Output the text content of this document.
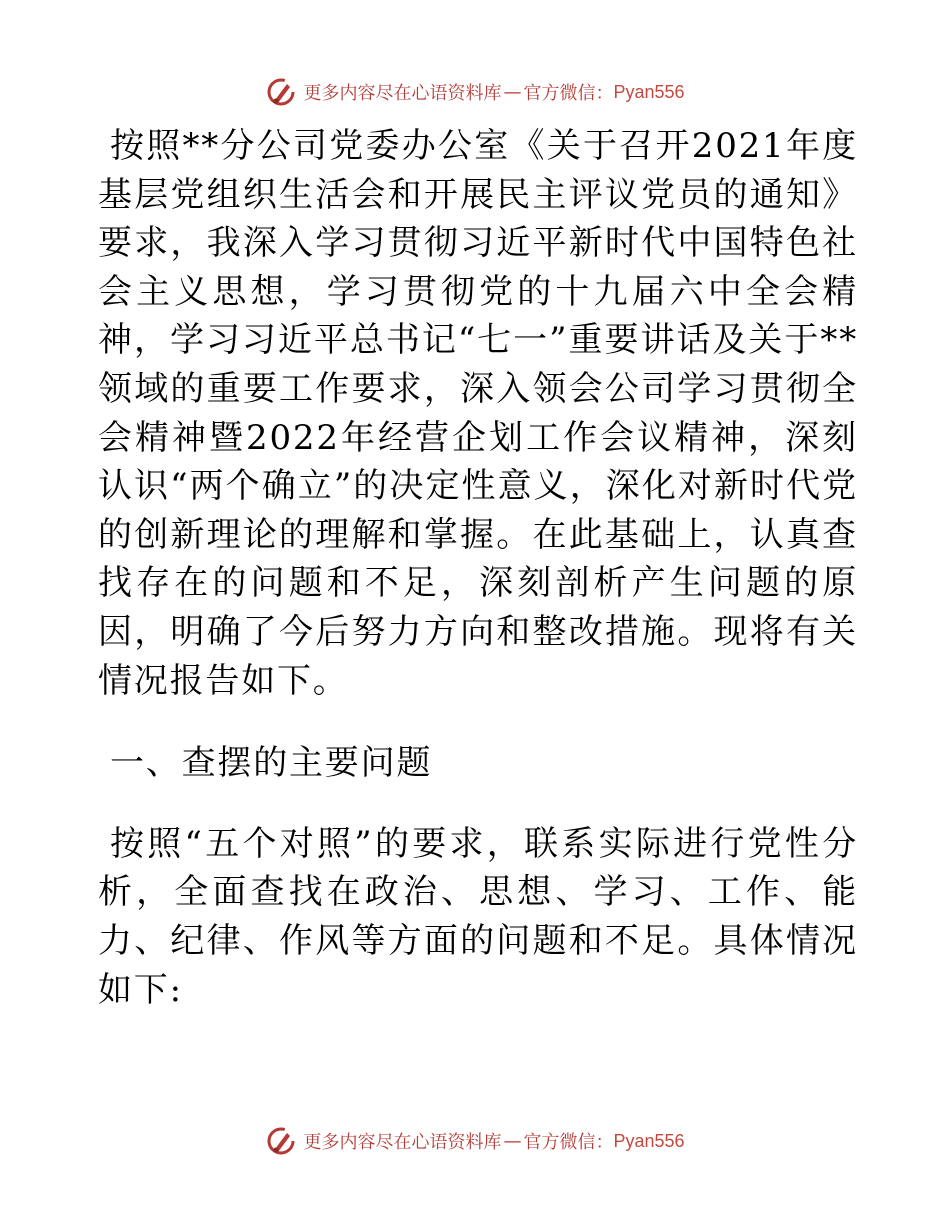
更多内容尽在心语资料库 — 官方微信： Pyan556

按照**分公司党委办公室《关于召开2021年度基层党组织生活会和开展民主评议党员的通知》要求，我深入学习贯彻习近平新时代中国特色社会主义思想，学习贯彻党的十九届六中全会精神，学习习近平总书记“七一”重要讲话及关于**领域的重要工作要求，深入领会公司学习贯彻全会精神暨2022年经营企划工作会议精神，深刻认识“两个确立”的决定性意义，深化对新时代党的创新理论的理解和掌握。在此基础上，认真查找存在的问题和不足，深刻剖析产生问题的原因，明确了今后努力方向和整改措施。现将有关情况报告如下。

一、查摆的主要问题

按照“五个对照”的要求，联系实际进行党性分析，全面查找在政治、思想、学习、工作、能力、纪律、作风等方面的问题和不足。具体情况如下:

更多内容尽在心语资料库 — 官方微信： Pyan556
